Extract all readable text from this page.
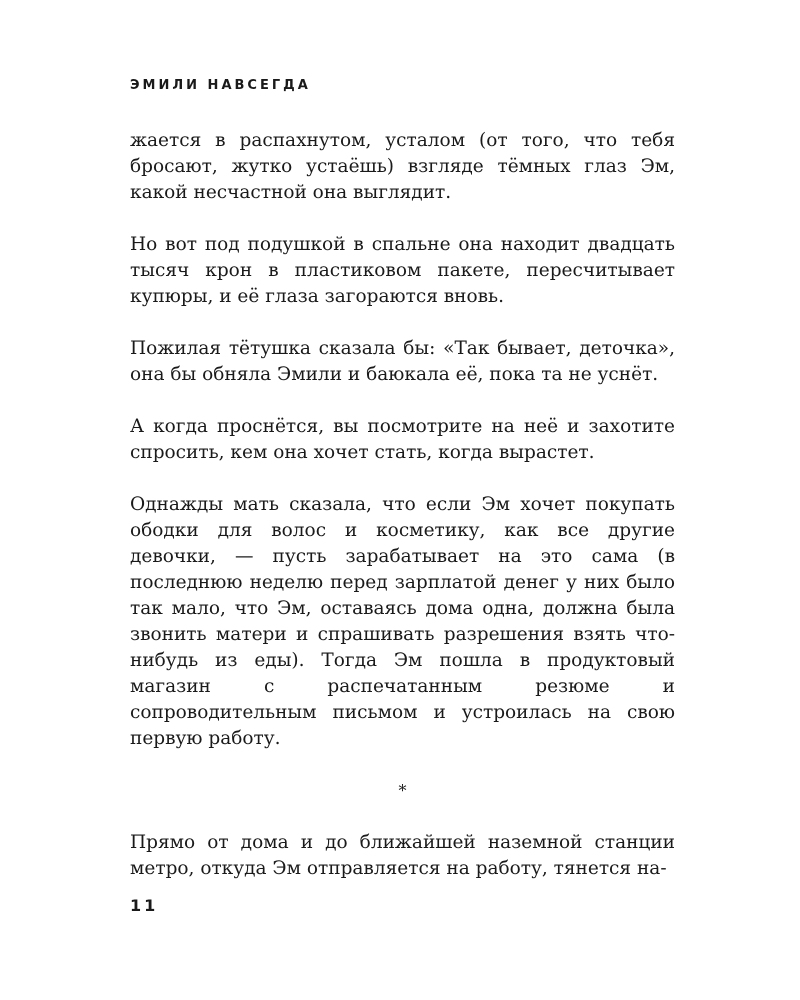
ЭМИЛИ НАВСЕГДА

жается в распахнутом, усталом (от того, что тебя бросают, жутко устаёшь) взгляде тёмных глаз Эм, какой несчастной она выглядит.

Но вот под подушкой в спальне она находит двадцать тысяч крон в пластиковом пакете, пересчитывает купюры, и её глаза загораются вновь.

Пожилая тётушка сказала бы: «Так бывает, деточка», она бы обняла Эмили и баюкала её, пока та не уснёт.

А когда проснётся, вы посмотрите на неё и захотите спросить, кем она хочет стать, когда вырастет.

Однажды мать сказала, что если Эм хочет покупать ободки для волос и косметику, как все другие девочки, — пусть зарабатывает на это сама (в последнюю неделю перед зарплатой денег у них было так мало, что Эм, оставаясь дома одна, должна была звонить матери и спрашивать разрешения взять что-нибудь из еды). Тогда Эм пошла в продуктовый магазин с распечатанным резюме и сопроводительным письмом и устроилась на свою первую работу.

*

Прямо от дома и до ближайшей наземной станции метро, откуда Эм отправляется на работу, тянется на-

11
